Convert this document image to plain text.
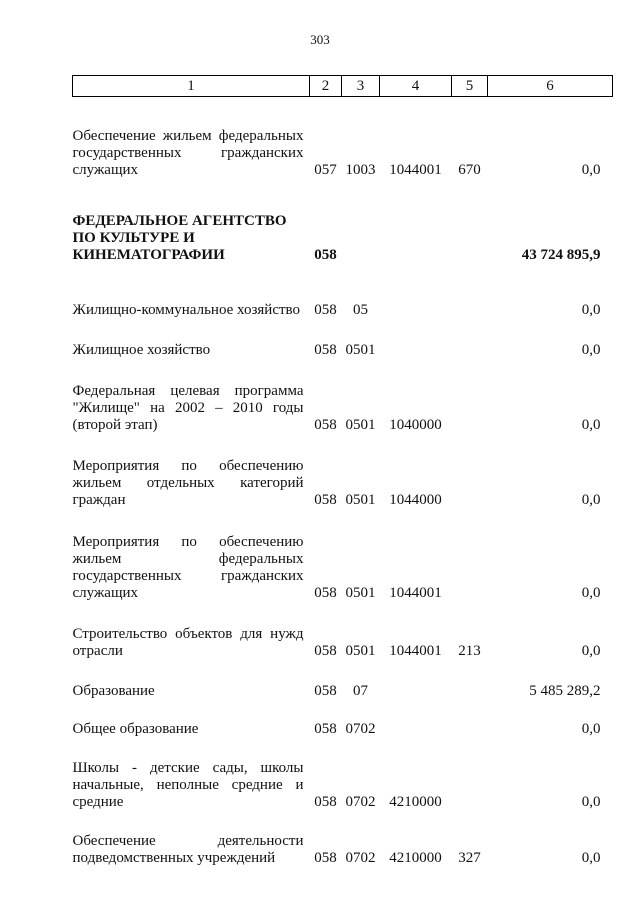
303
1	2	3	4	5	6

Обеспечение жильем федеральных государственных гражданских служащих	057	1003	1044001	670	0,0

ФЕДЕРАЛЬНОЕ АГЕНТСТВО ПО КУЛЬТУРЕ И КИНЕМАТОГРАФИИ	058				43 724 895,9

Жилищно-коммунальное хозяйство	058	05			0,0

Жилищное хозяйство	058	0501			0,0

Федеральная целевая программа "Жилище" на 2002 – 2010 годы (второй этап)	058	0501	1040000		0,0

Мероприятия по обеспечению жильем отдельных категорий граждан	058	0501	1044000		0,0

Мероприятия по обеспечению жильем федеральных государственных гражданских служащих	058	0501	1044001		0,0

Строительство объектов для нужд отрасли	058	0501	1044001	213	0,0

Образование	058	07			5 485 289,2

Общее образование	058	0702			0,0

Школы - детские сады, школы начальные, неполные средние и средние	058	0702	4210000		0,0

Обеспечение деятельности подведомственных учреждений	058	0702	4210000	327	0,0
